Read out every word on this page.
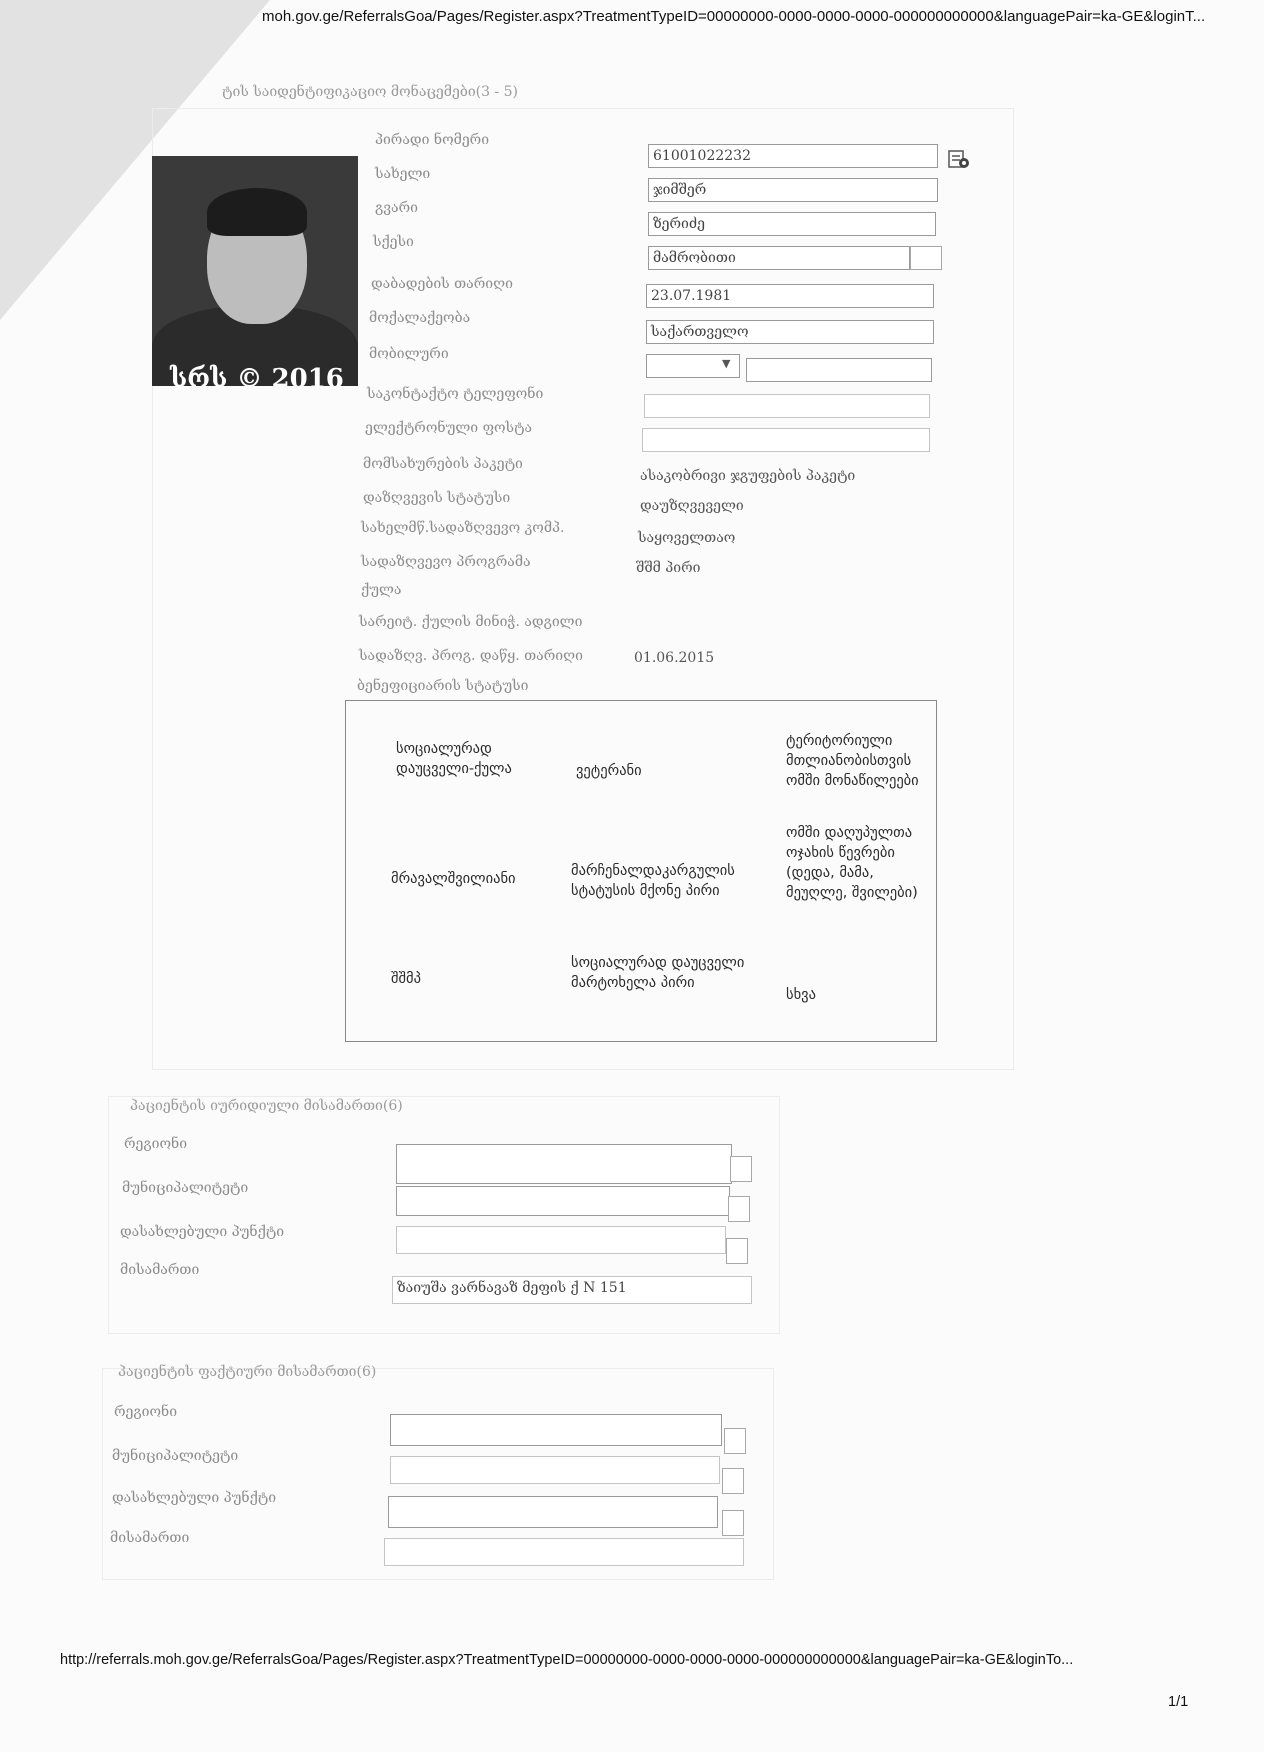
moh.gov.ge/ReferralsGoa/Pages/Register.aspx?TreatmentTypeID=00000000-0000-0000-0000-000000000000&languagePair=ka-GE&loginT...
ტის საიდენტიფიკაციო მონაცემები(3 - 5)
სრს © 2016
პირადი ნომერი
სახელი
გვარი
სქესი
დაბადების თარიღი
მოქალაქეობა
მობილური
საკონტაქტო ტელეფონი
ელექტრონული ფოსტა
მომსახურების პაკეტი
დაზღვევის სტატუსი
სახელმწ.სადაზღვევო კომპ.
სადაზღვევო პროგრამა
ქულა
სარეიტ. ქულის მინიჭ. ადგილი
სადაზღვ. პროგ. დაწყ. თარიღი
ბენეფიციარის სტატუსი
61001022232
ჯიმშერ
ზერიძე
მამრობითი
23.07.1981
საქართველო
▼
ასაკობრივი ჯგუფების პაკეტი
დაუზღვეველი
საყოველთაო
შშმ პირი
01.06.2015
სოციალურად დაუცველი-ქულა	ვეტერანი
ტერიტორიული მთლიანობისთვის ომში მონაწილეები
მრავალშვილიანი	მარჩენალდაკარგულის სტატუსის მქონე პირი
ომში დაღუპულთა ოჯახის წევრები (დედა, მამა, მეუღლე, შვილები)
შშმპ
სოციალურად დაუცველი მარტოხელა პირი
სხვა
პაციენტის იურიდიული მისამართი(6)
რეგიონი
მუნიციპალიტეტი
დასახლებული პუნქტი
მისამართი
ზაიუშა ვარნავაზ მეფის ქ N 151
პაციენტის ფაქტიური მისამართი(6)
რეგიონი
მუნიციპალიტეტი
დასახლებული პუნქტი
მისამართი
http://referrals.moh.gov.ge/ReferralsGoa/Pages/Register.aspx?TreatmentTypeID=00000000-0000-0000-0000-000000000000&languagePair=ka-GE&loginTo...
1/1
